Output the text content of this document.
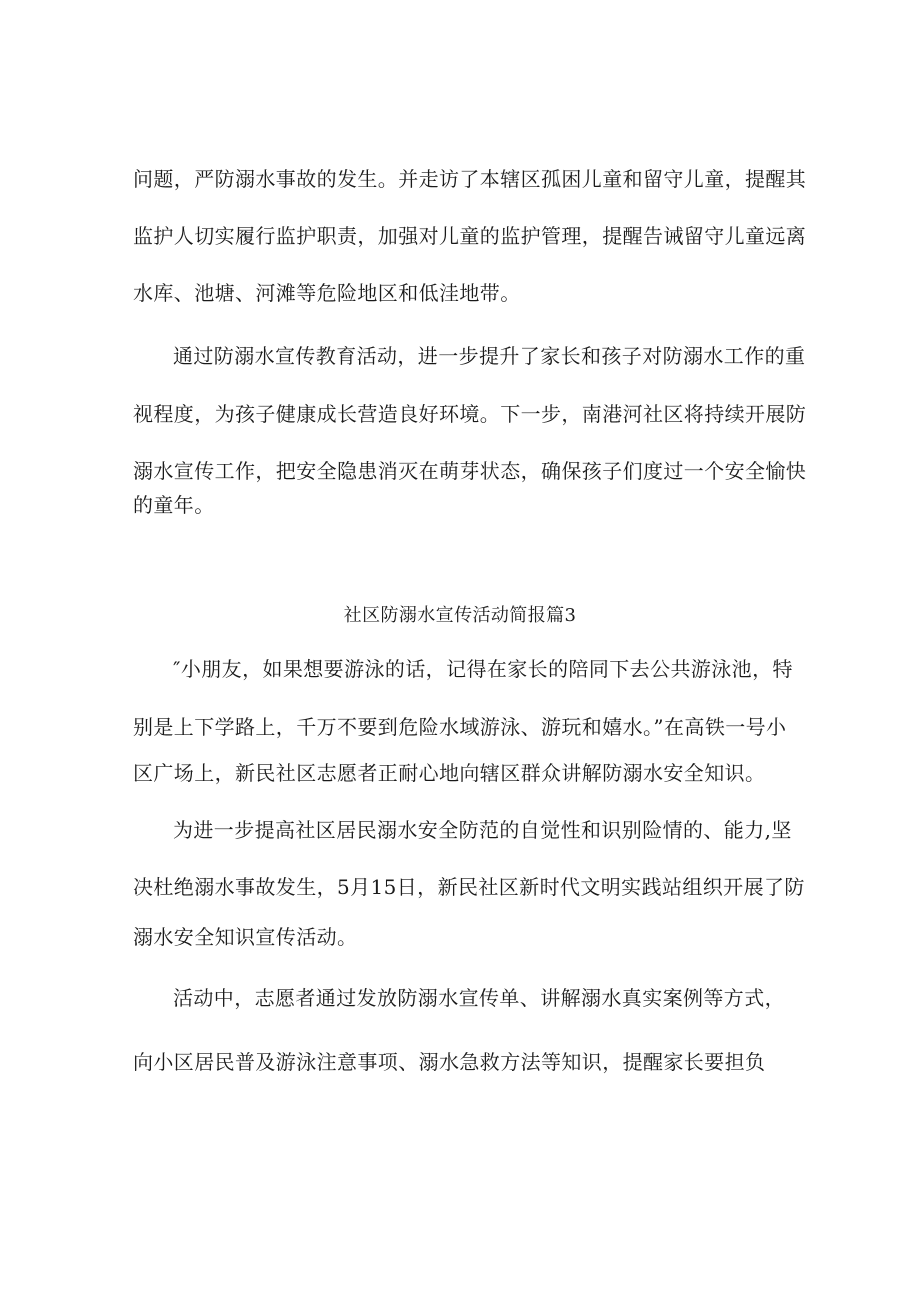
问题，严防溺水事故的发生。并走访了本辖区孤困儿童和留守儿童，提醒其
监护人切实履行监护职责，加强对儿童的监护管理，提醒告诫留守儿童远离
水库、池塘、河滩等危险地区和低洼地带。
通过防溺水宣传教育活动，进一步提升了家长和孩子对防溺水工作的重
视程度，为孩子健康成长营造良好环境。下一步，南港河社区将持续开展防
溺水宣传工作，把安全隐患消灭在萌芽状态，确保孩子们度过一个安全愉快
的童年。
社区防溺水宣传活动简报篇3
″小朋友，如果想要游泳的话，记得在家长的陪同下去公共游泳池，特
别是上下学路上，千万不要到危险水域游泳、游玩和嬉水。”在高铁一号小
区广场上，新民社区志愿者正耐心地向辖区群众讲解防溺水安全知识。
为进一步提高社区居民溺水安全防范的自觉性和识别险情的、能力,坚
决杜绝溺水事故发生，5月15日，新民社区新时代文明实践站组织开展了防
溺水安全知识宣传活动。
活动中，志愿者通过发放防溺水宣传单、讲解溺水真实案例等方式，
向小区居民普及游泳注意事项、溺水急救方法等知识，提醒家长要担负
